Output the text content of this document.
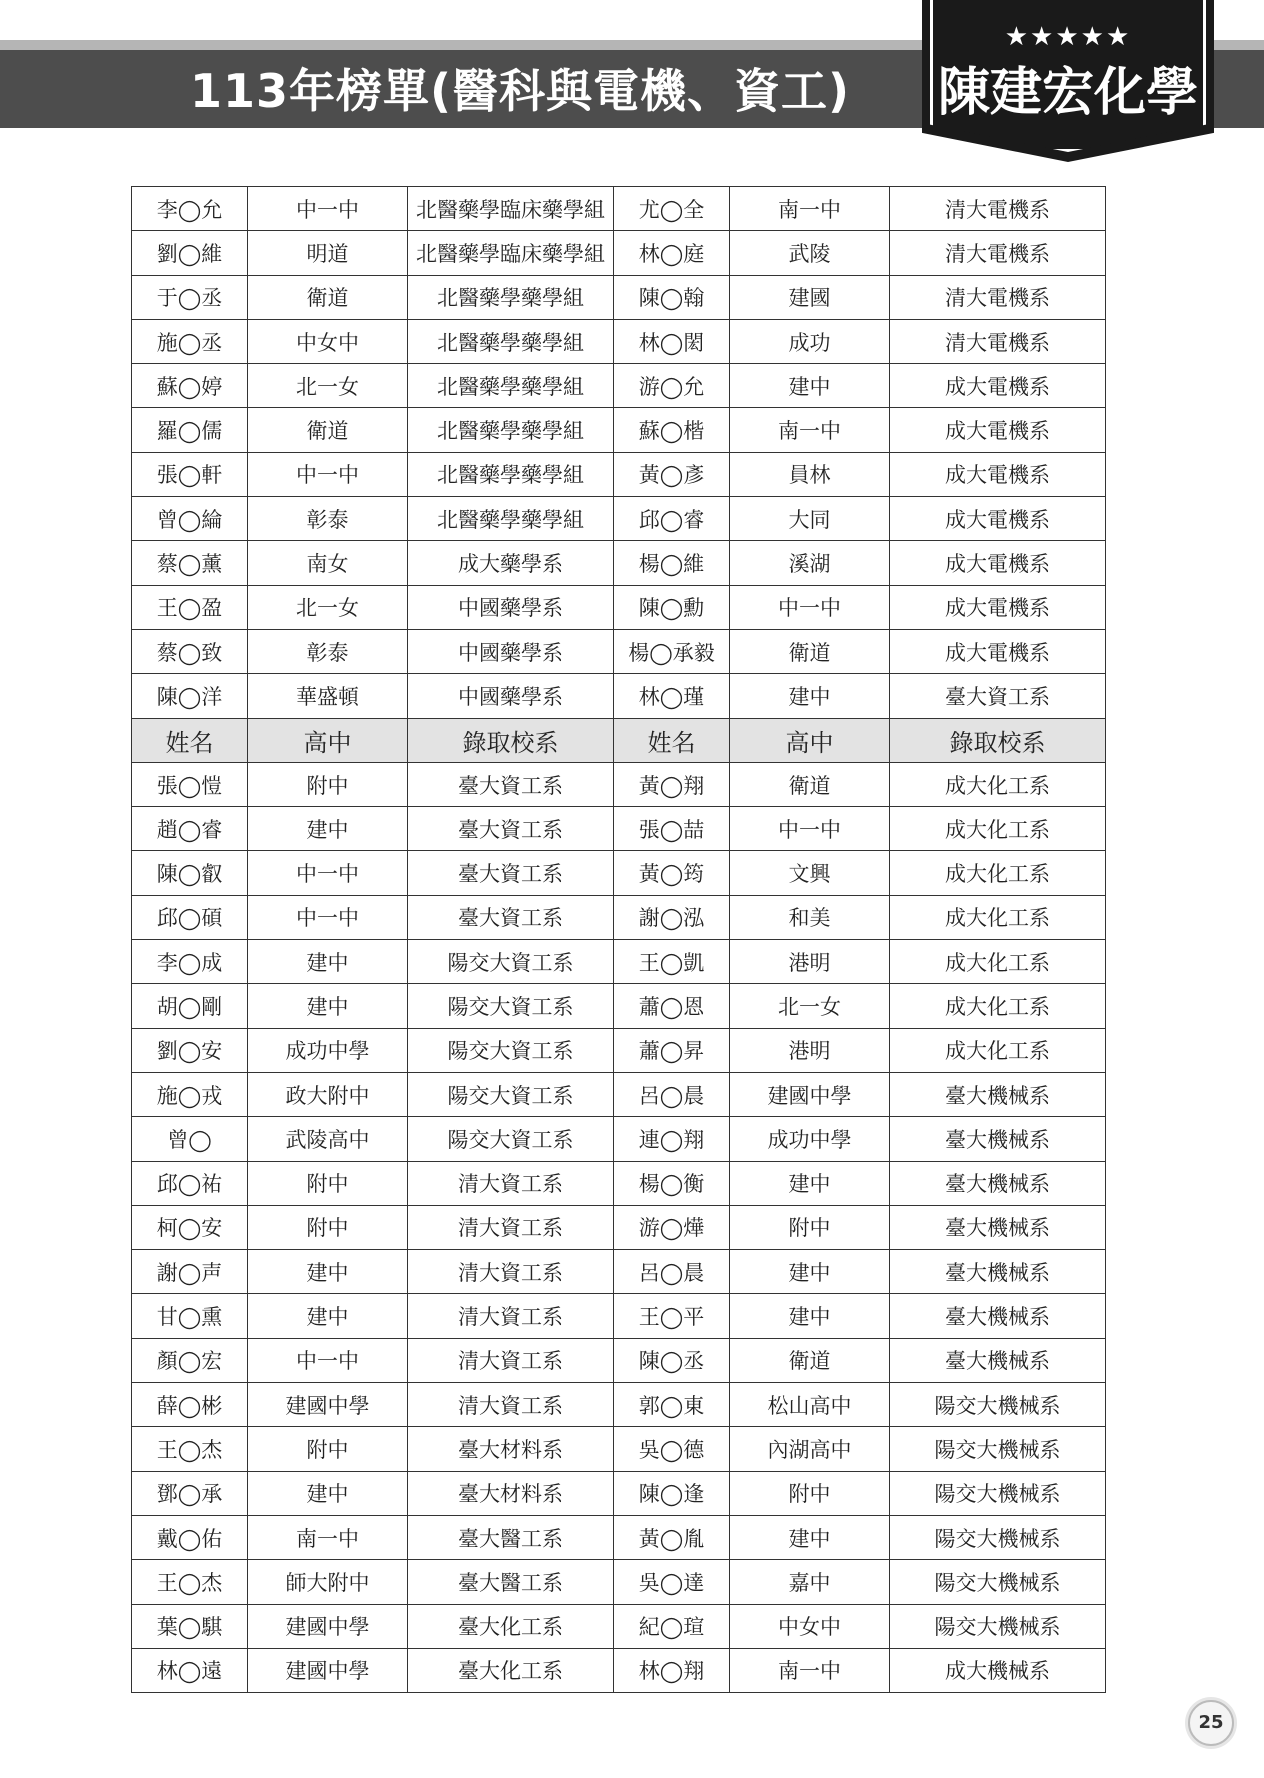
113年榜單(醫科與電機、資工)
★★★★★
陳建宏化學
李◯允	中一中	北醫藥學臨床藥學組	尤◯全	南一中	清大電機系
劉◯維	明道	北醫藥學臨床藥學組	林◯庭	武陵	清大電機系
于◯丞	衛道	北醫藥學藥學組	陳◯翰	建國	清大電機系
施◯丞	中女中	北醫藥學藥學組	林◯閎	成功	清大電機系
蘇◯婷	北一女	北醫藥學藥學組	游◯允	建中	成大電機系
羅◯儒	衛道	北醫藥學藥學組	蘇◯楷	南一中	成大電機系
張◯軒	中一中	北醫藥學藥學組	黃◯彥	員林	成大電機系
曾◯綸	彰泰	北醫藥學藥學組	邱◯睿	大同	成大電機系
蔡◯薰	南女	成大藥學系	楊◯維	溪湖	成大電機系
王◯盈	北一女	中國藥學系	陳◯勳	中一中	成大電機系
蔡◯致	彰泰	中國藥學系	楊◯承毅	衛道	成大電機系
陳◯洋	華盛頓	中國藥學系	林◯瑾	建中	臺大資工系
姓名	高中	錄取校系	姓名	高中	錄取校系
張◯愷	附中	臺大資工系	黃◯翔	衛道	成大化工系
趙◯睿	建中	臺大資工系	張◯喆	中一中	成大化工系
陳◯叡	中一中	臺大資工系	黃◯筠	文興	成大化工系
邱◯碩	中一中	臺大資工系	謝◯泓	和美	成大化工系
李◯成	建中	陽交大資工系	王◯凱	港明	成大化工系
胡◯剛	建中	陽交大資工系	蕭◯恩	北一女	成大化工系
劉◯安	成功中學	陽交大資工系	蕭◯昇	港明	成大化工系
施◯戎	政大附中	陽交大資工系	呂◯晨	建國中學	臺大機械系
曾◯	武陵高中	陽交大資工系	連◯翔	成功中學	臺大機械系
邱◯祐	附中	清大資工系	楊◯衡	建中	臺大機械系
柯◯安	附中	清大資工系	游◯燁	附中	臺大機械系
謝◯声	建中	清大資工系	呂◯晨	建中	臺大機械系
甘◯熏	建中	清大資工系	王◯平	建中	臺大機械系
顏◯宏	中一中	清大資工系	陳◯丞	衛道	臺大機械系
薛◯彬	建國中學	清大資工系	郭◯東	松山高中	陽交大機械系
王◯杰	附中	臺大材料系	吳◯德	內湖高中	陽交大機械系
鄧◯承	建中	臺大材料系	陳◯逢	附中	陽交大機械系
戴◯佑	南一中	臺大醫工系	黃◯胤	建中	陽交大機械系
王◯杰	師大附中	臺大醫工系	吳◯達	嘉中	陽交大機械系
葉◯騏	建國中學	臺大化工系	紀◯瑄	中女中	陽交大機械系
林◯遠	建國中學	臺大化工系	林◯翔	南一中	成大機械系
25
